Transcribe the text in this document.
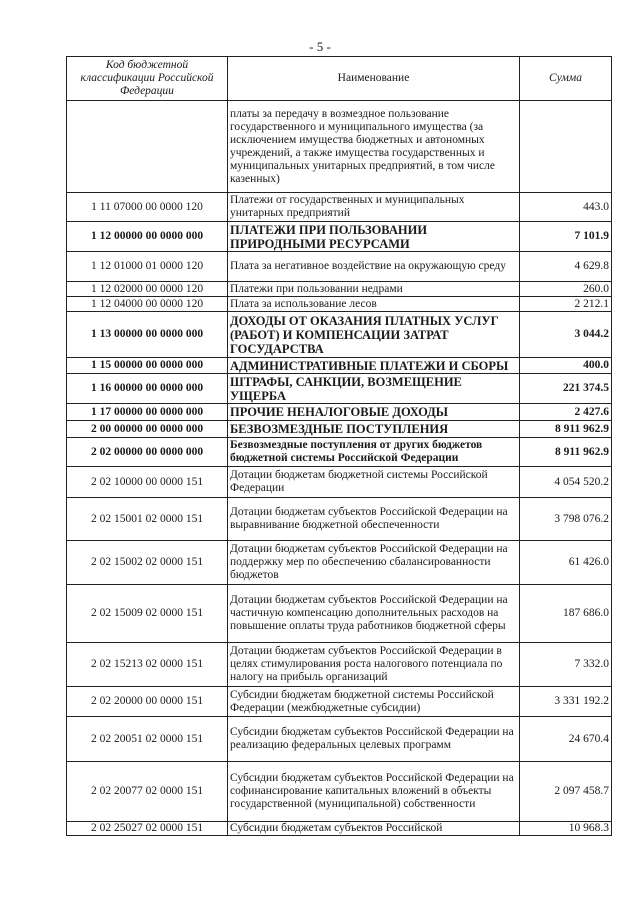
- 5 -
Код бюджетной классификации Российской Федерации	Наименование	Сумма
	платы за передачу в возмездное пользование государственного и муниципального имущества (за исключением имущества бюджетных и автономных учреждений, а также имущества государственных и муниципальных унитарных предприятий, в том числе казенных)	
1 11 07000 00 0000 120	Платежи от государственных и муниципальных унитарных предприятий	443.0
1 12 00000 00 0000 000	ПЛАТЕЖИ ПРИ ПОЛЬЗОВАНИИ ПРИРОДНЫМИ РЕСУРСАМИ	7 101.9
1 12 01000 01 0000 120	Плата за негативное воздействие на окружающую среду	4 629.8
1 12 02000 00 0000 120	Платежи при пользовании недрами	260.0
1 12 04000 00 0000 120	Плата за использование лесов	2 212.1
1 13 00000 00 0000 000	ДОХОДЫ ОТ ОКАЗАНИЯ ПЛАТНЫХ УСЛУГ (РАБОТ) И КОМПЕНСАЦИИ ЗАТРАТ ГОСУДАРСТВА	3 044.2
1 15 00000 00 0000 000	АДМИНИСТРАТИВНЫЕ ПЛАТЕЖИ И СБОРЫ	400.0
1 16 00000 00 0000 000	ШТРАФЫ, САНКЦИИ, ВОЗМЕЩЕНИЕ УЩЕРБА	221 374.5
1 17 00000 00 0000 000	ПРОЧИЕ НЕНАЛОГОВЫЕ ДОХОДЫ	2 427.6
2 00 00000 00 0000 000	БЕЗВОЗМЕЗДНЫЕ ПОСТУПЛЕНИЯ	8 911 962.9
2 02 00000 00 0000 000	Безвозмездные поступления от других бюджетов бюджетной системы Российской Федерации	8 911 962.9
2 02 10000 00 0000 151	Дотации бюджетам бюджетной системы Российской Федерации	4 054 520.2
2 02 15001 02 0000 151	Дотации бюджетам субъектов Российской Федерации на выравнивание бюджетной обеспеченности	3 798 076.2
2 02 15002 02 0000 151	Дотации бюджетам субъектов Российской Федерации на поддержку мер по обеспечению сбалансированности бюджетов	61 426.0
2 02 15009 02 0000 151	Дотации бюджетам субъектов Российской Федерации на частичную компенсацию дополнительных расходов на повышение оплаты труда работников бюджетной сферы	187 686.0
2 02 15213 02 0000 151	Дотации бюджетам субъектов Российской Федерации в целях стимулирования роста налогового потенциала по налогу на прибыль организаций	7 332.0
2 02 20000 00 0000 151	Субсидии бюджетам бюджетной системы Российской Федерации (межбюджетные субсидии)	3 331 192.2
2 02 20051 02 0000 151	Субсидии бюджетам субъектов Российской Федерации на реализацию федеральных целевых программ	24 670.4
2 02 20077 02 0000 151	Субсидии бюджетам субъектов Российской Федерации на софинансирование капитальных вложений в объекты государственной (муниципальной) собственности	2 097 458.7
2 02 25027 02 0000 151	Субсидии бюджетам субъектов Российской	10 968.3
